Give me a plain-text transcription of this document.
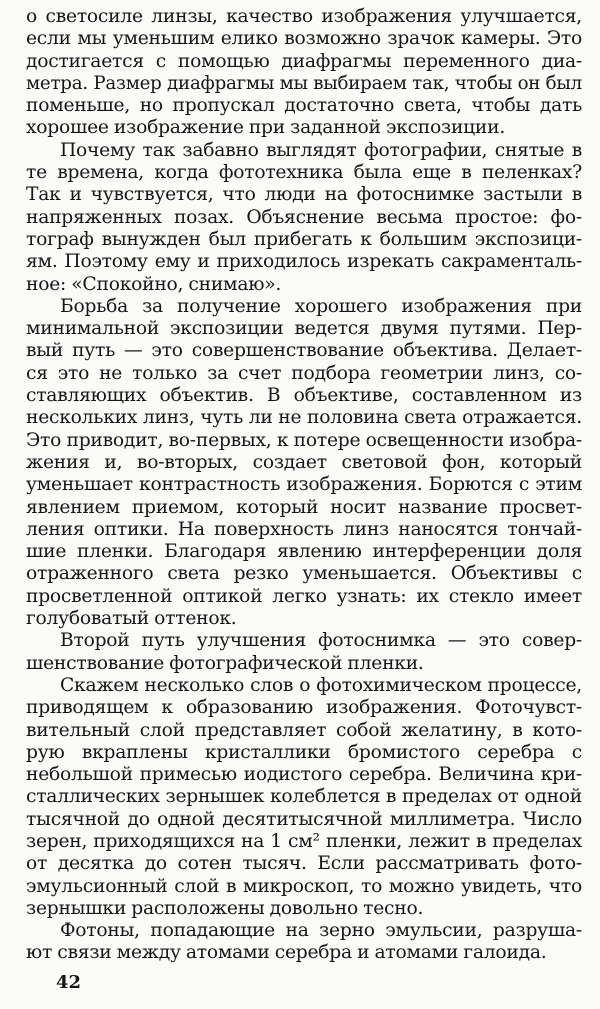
о светосиле линзы, качество изображения улучшается,
если мы уменьшим елико возможно зрачок камеры. Это
достигается с помощью диафрагмы переменного диа-
метра. Размер диафрагмы мы выбираем так, чтобы он был
поменьше, но пропускал достаточно света, чтобы дать
хорошее изображение при заданной экспозиции.

Почему так забавно выглядят фотографии, снятые в
те времена, когда фототехника была еще в пеленках?
Так и чувствуется, что люди на фотоснимке застыли в
напряженных позах. Объяснение весьма простое: фо-
тограф вынужден был прибегать к большим экспозици-
ям. Поэтому ему и приходилось изрекать сакраменталь-
ное: «Спокойно, снимаю».

Борьба за получение хорошего изображения при
минимальной экспозиции ведется двумя путями. Пер-
вый путь — это совершенствование объектива. Делает-
ся это не только за счет подбора геометрии линз, со-
ставляющих объектив. В объективе, составленном из
нескольких линз, чуть ли не половина света отражается.
Это приводит, во-первых, к потере освещенности изобра-
жения и, во-вторых, создает световой фон, который
уменьшает контрастность изображения. Борются с этим
явлением приемом, который носит название просвет-
ления оптики. На поверхность линз наносятся тончай-
шие пленки. Благодаря явлению интерференции доля
отраженного света резко уменьшается. Объективы с
просветленной оптикой легко узнать: их стекло имеет
голубоватый оттенок.

Второй путь улучшения фотоснимка — это совер-
шенствование фотографической пленки.

Скажем несколько слов о фотохимическом процессе,
приводящем к образованию изображения. Фоточувст-
вительный слой представляет собой желатину, в кото-
рую вкраплены кристаллики бромистого серебра с
небольшой примесью иодистого серебра. Величина кри-
сталлических зернышек колеблется в пределах от одной
тысячной до одной десятитысячной миллиметра. Число
зерен, приходящихся на 1 см² пленки, лежит в пределах
от десятка до сотен тысяч. Если рассматривать фото-
эмульсионный слой в микроскоп, то можно увидеть, что
зернышки расположены довольно тесно.

Фотоны, попадающие на зерно эмульсии, разруша-
ют связи между атомами серебра и атомами галоида.

42
